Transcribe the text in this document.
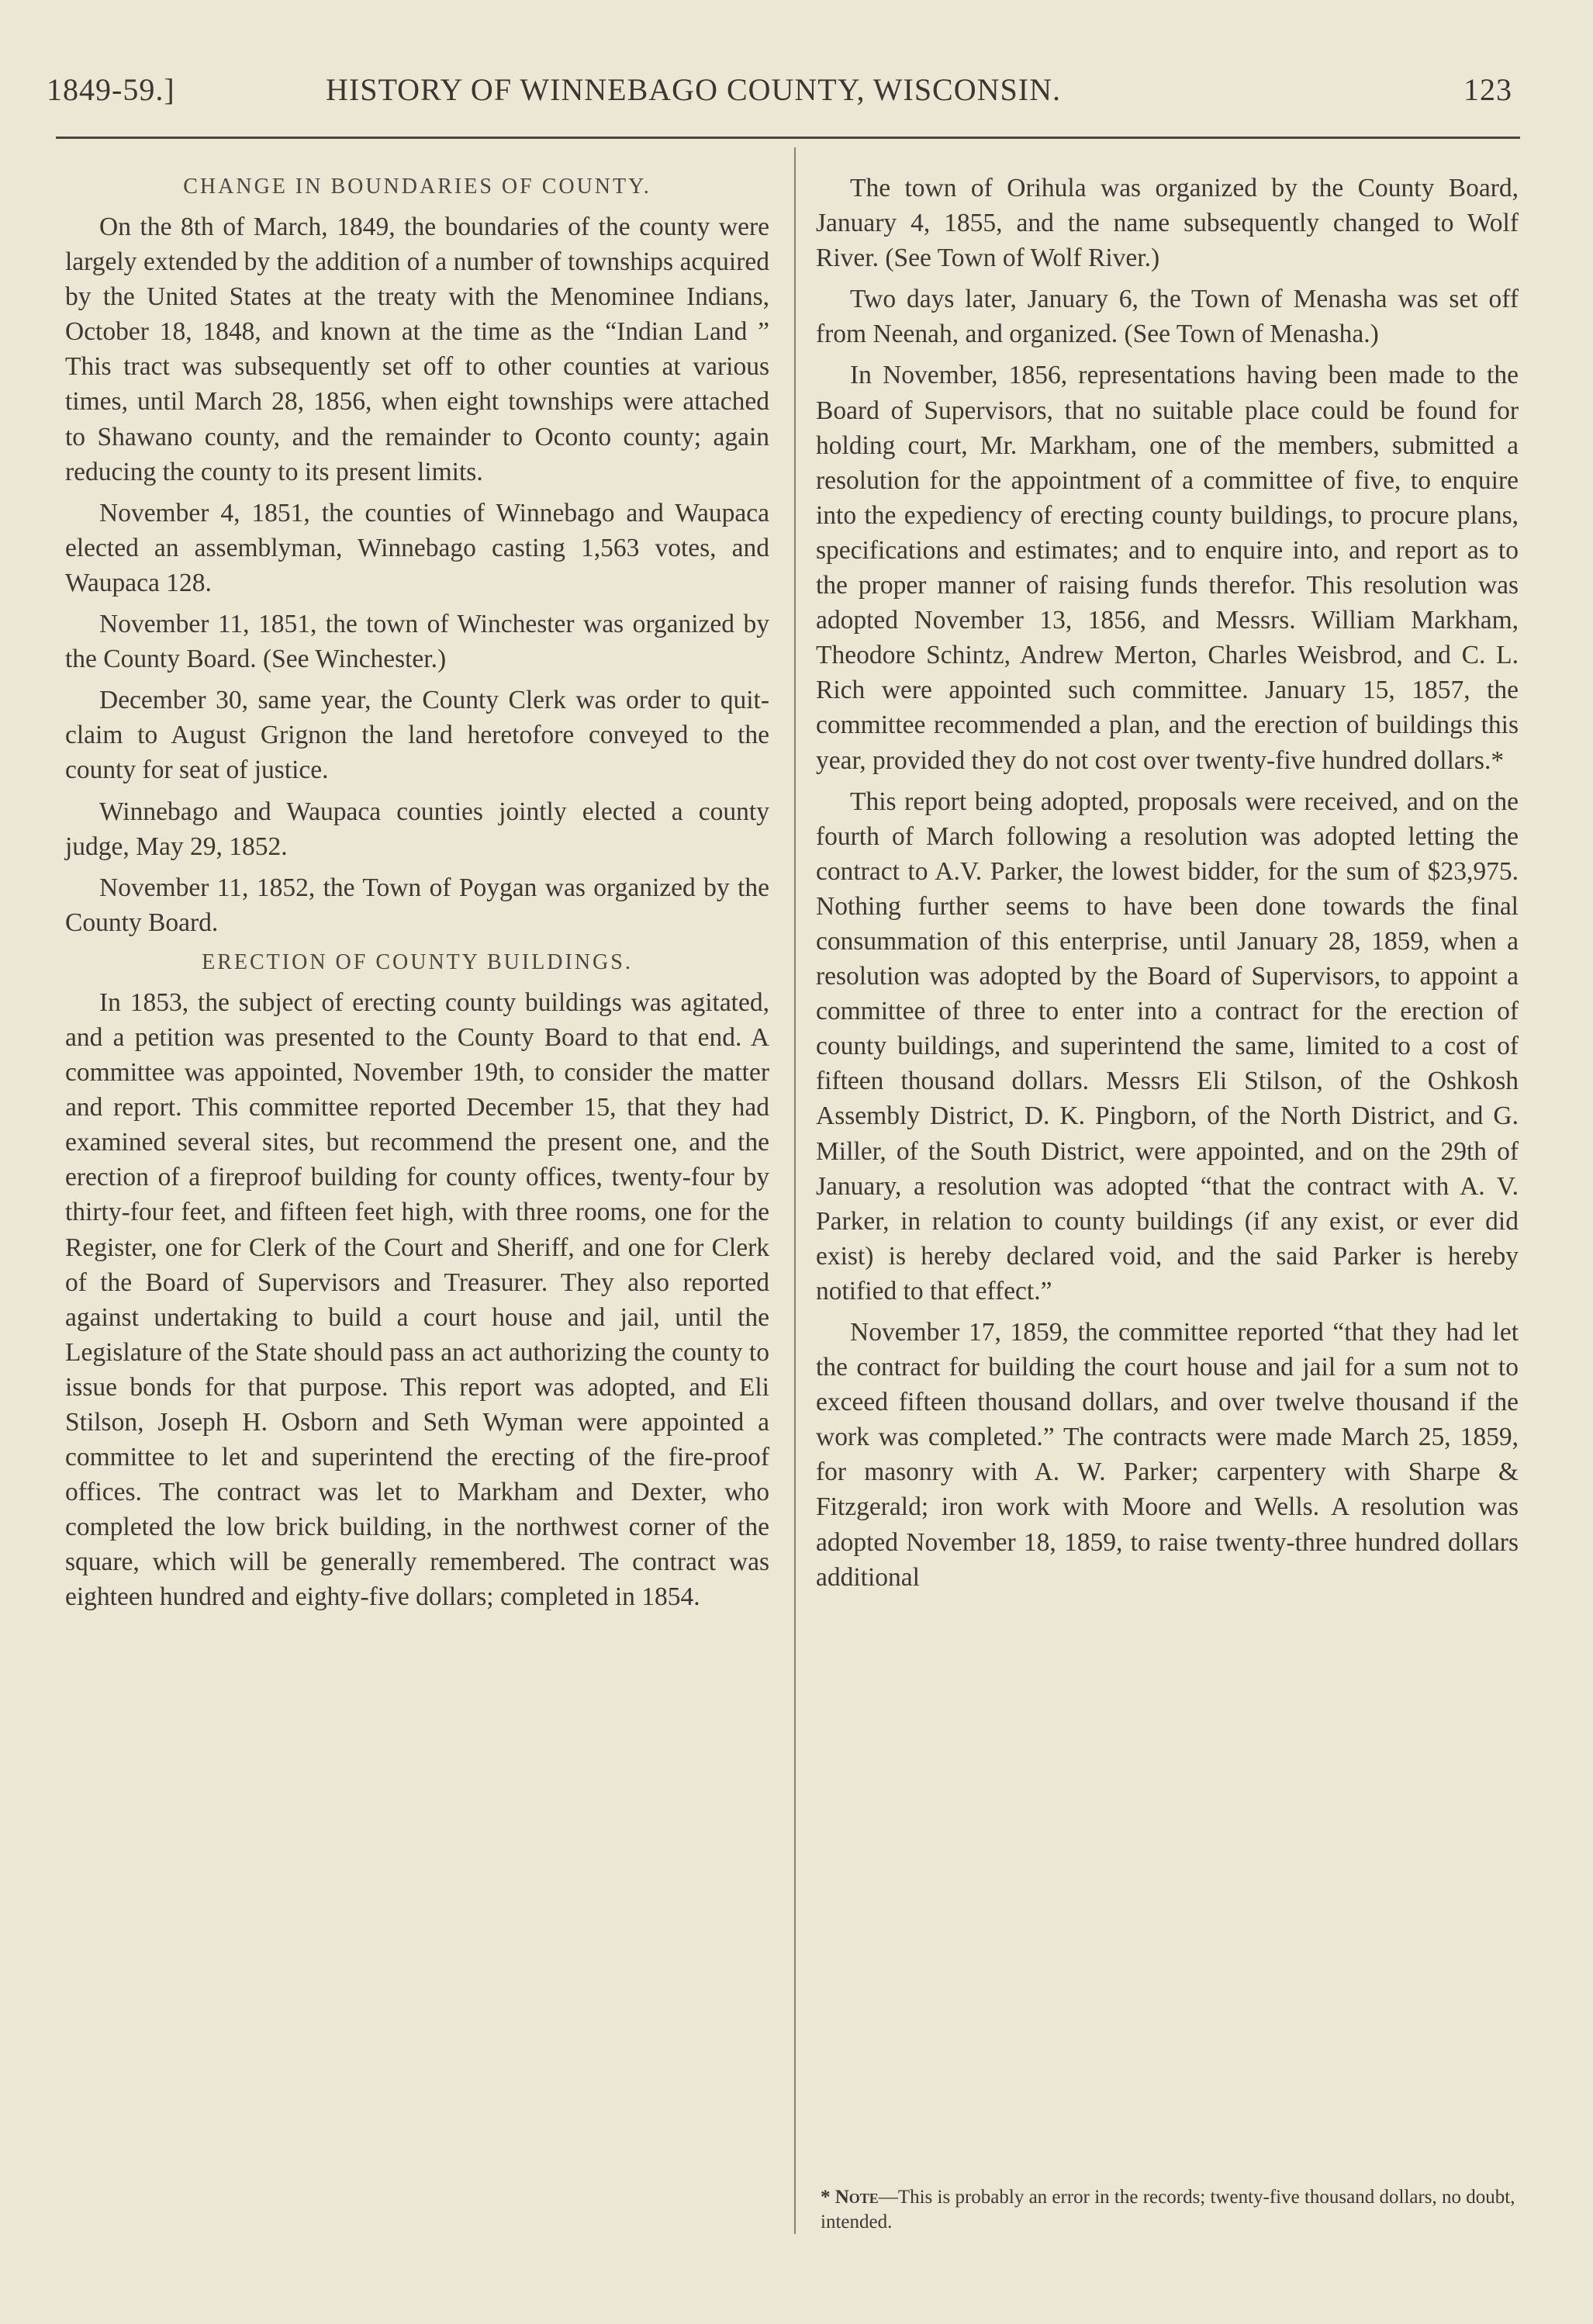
1849-59.]	HISTORY OF WINNEBAGO COUNTY, WISCONSIN.	123
CHANGE IN BOUNDARIES OF COUNTY.

On the 8th of March, 1849, the boundaries of the county were largely extended by the addition of a number of townships acquired by the United States at the treaty with the Menominee Indians, October 18, 1848, and known at the time as the “Indian Land ” This tract was subsequently set off to other counties at various times, until March 28, 1856, when eight townships were attached to Shawano county, and the remainder to Oconto county; again reducing the county to its present limits.

November 4, 1851, the counties of Winnebago and Waupaca elected an assemblyman, Winnebago casting 1,563 votes, and Waupaca 128.

November 11, 1851, the town of Winchester was organized by the County Board. (See Winchester.)

December 30, same year, the County Clerk was order to quit-claim to August Grignon the land heretofore conveyed to the county for seat of justice.

Winnebago and Waupaca counties jointly elected a county judge, May 29, 1852.

November 11, 1852, the Town of Poygan was organized by the County Board.

ERECTION OF COUNTY BUILDINGS.

In 1853, the subject of erecting county buildings was agitated, and a petition was presented to the County Board to that end. A committee was appointed, November 19th, to consider the matter and report. This committee reported December 15, that they had examined several sites, but recommend the present one, and the erection of a fireproof building for county offices, twenty-four by thirty-four feet, and fifteen feet high, with three rooms, one for the Register, one for Clerk of the Court and Sheriff, and one for Clerk of the Board of Supervisors and Treasurer. They also reported against undertaking to build a court house and jail, until the Legislature of the State should pass an act authorizing the county to issue bonds for that purpose. This report was adopted, and Eli Stilson, Joseph H. Osborn and Seth Wyman were appointed a committee to let and superintend the erecting of the fire-proof offices. The contract was let to Markham and Dexter, who completed the low brick building, in the northwest corner of the square, which will be generally remembered. The contract was eighteen hundred and eighty-five dollars; completed in 1854.

The town of Orihula was organized by the County Board, January 4, 1855, and the name subsequently changed to Wolf River. (See Town of Wolf River.)

Two days later, January 6, the Town of Menasha was set off from Neenah, and organized. (See Town of Menasha.)

In November, 1856, representations having been made to the Board of Supervisors, that no suitable place could be found for holding court, Mr. Markham, one of the members, submitted a resolution for the appointment of a committee of five, to enquire into the expediency of erecting county buildings, to procure plans, specifications and estimates; and to enquire into, and report as to the proper manner of raising funds therefor. This resolution was adopted November 13, 1856, and Messrs. William Markham, Theodore Schintz, Andrew Merton, Charles Weisbrod, and C. L. Rich were appointed such committee. January 15, 1857, the committee recommended a plan, and the erection of buildings this year, provided they do not cost over twenty-five hundred dollars.*

This report being adopted, proposals were received, and on the fourth of March following a resolution was adopted letting the contract to A.V. Parker, the lowest bidder, for the sum of $23,975. Nothing further seems to have been done towards the final consummation of this enterprise, until January 28, 1859, when a resolution was adopted by the Board of Supervisors, to appoint a committee of three to enter into a contract for the erection of county buildings, and superintend the same, limited to a cost of fifteen thousand dollars. Messrs Eli Stilson, of the Oshkosh Assembly District, D. K. Pingborn, of the North District, and G. Miller, of the South District, were appointed, and on the 29th of January, a resolution was adopted “that the contract with A. V. Parker, in relation to county buildings (if any exist, or ever did exist) is hereby declared void, and the said Parker is hereby notified to that effect.”

November 17, 1859, the committee reported “that they had let the contract for building the court house and jail for a sum not to exceed fifteen thousand dollars, and over twelve thousand if the work was completed.” The contracts were made March 25, 1859, for masonry with A. W. Parker; carpentery with Sharpe & Fitzgerald; iron work with Moore and Wells. A resolution was adopted November 18, 1859, to raise twenty-three hundred dollars additional

* Note—This is probably an error in the records; twenty-five thousand dollars, no doubt, intended.
